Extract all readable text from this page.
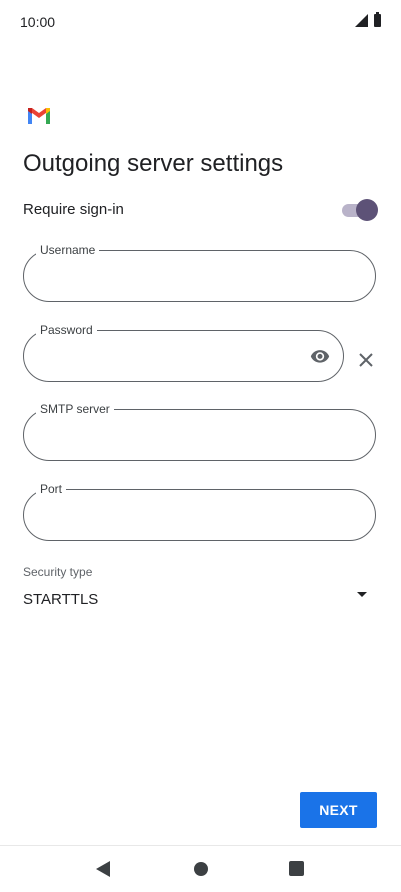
10:00
Outgoing server settings
Require sign-in
Username
Password
SMTP server
Port
Security type
STARTTLS
NEXT
